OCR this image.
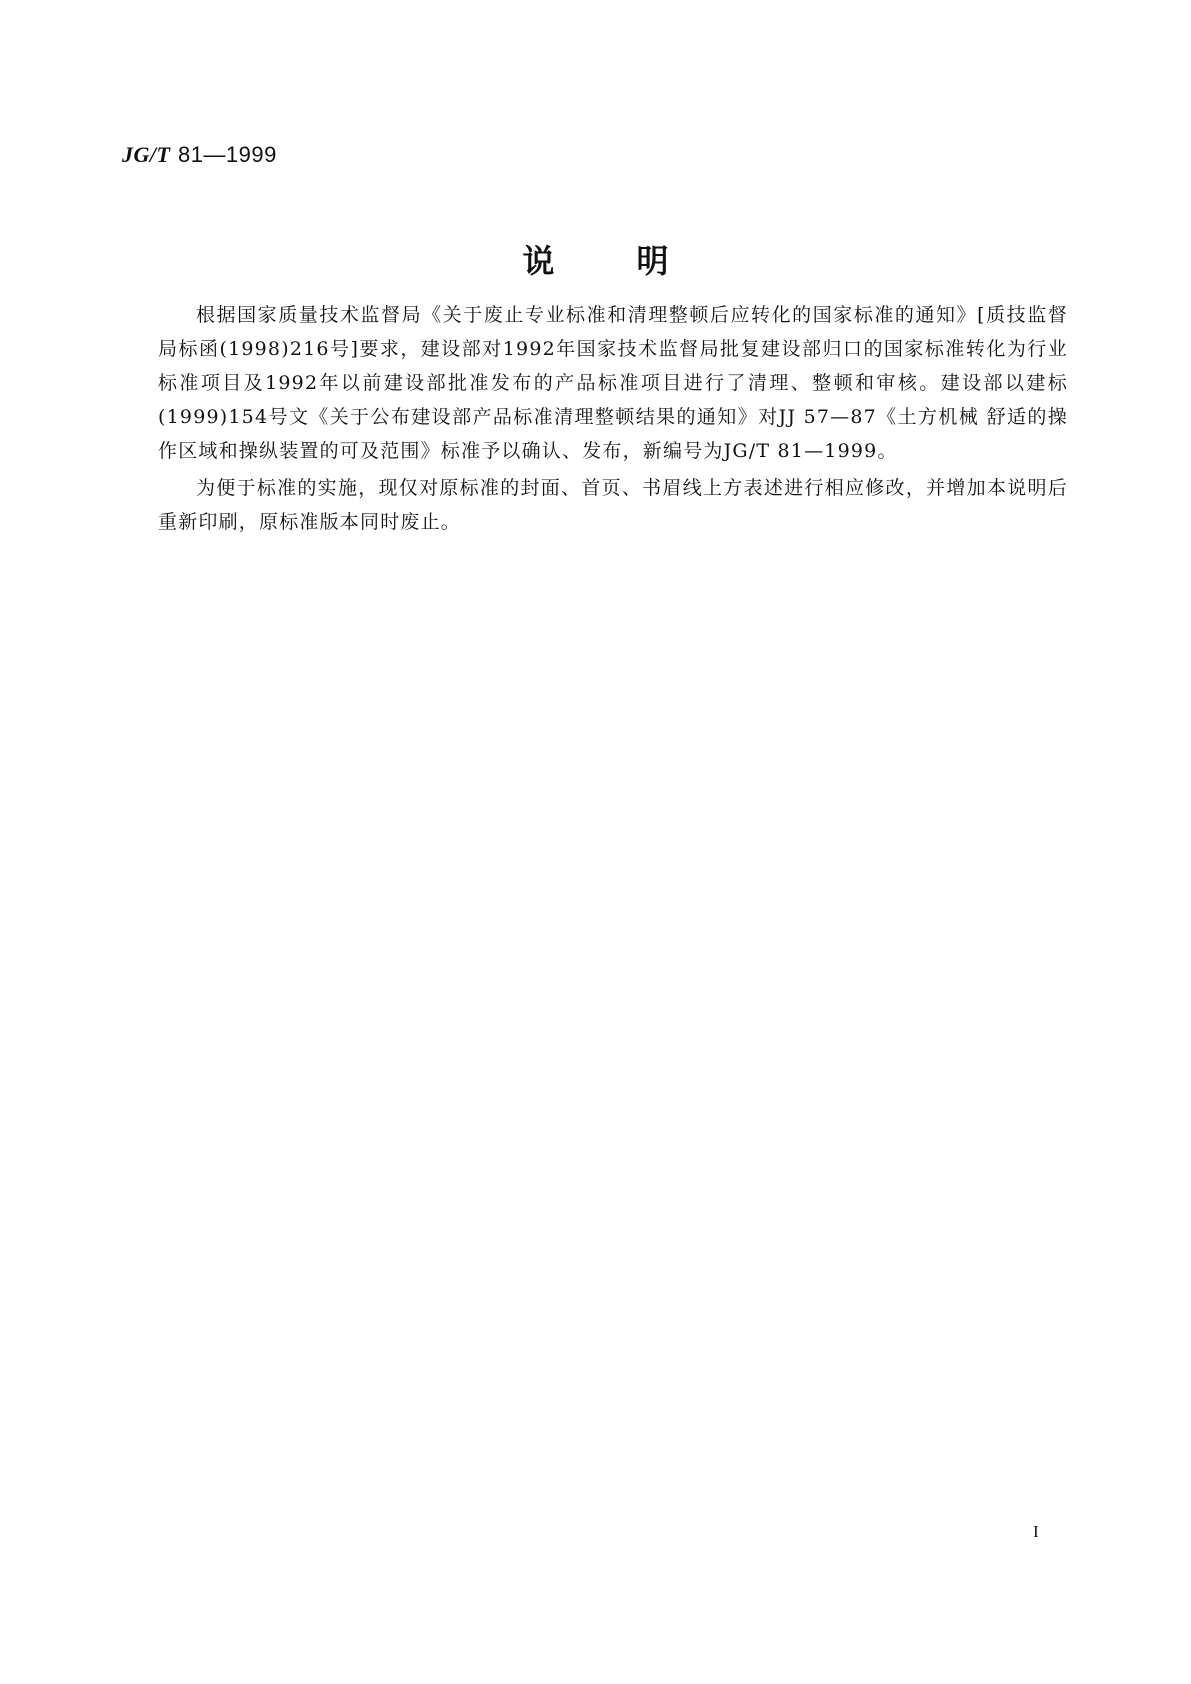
JG/T 81—1999
说明

根据国家质量技术监督局《关于废止专业标准和清理整顿后应转化的国家标准的通知》[质技监督局标函(1998)216号]要求，建设部对1992年国家技术监督局批复建设部归口的国家标准转化为行业标准项目及1992年以前建设部批准发布的产品标准项目进行了清理、整顿和审核。建设部以建标(1999)154号文《关于公布建设部产品标准清理整顿结果的通知》对JJ 57—87《土方机械 舒适的操作区域和操纵装置的可及范围》标准予以确认、发布，新编号为JG/T 81—1999。

为便于标准的实施，现仅对原标准的封面、首页、书眉线上方表述进行相应修改，并增加本说明后重新印刷，原标准版本同时废止。

I
